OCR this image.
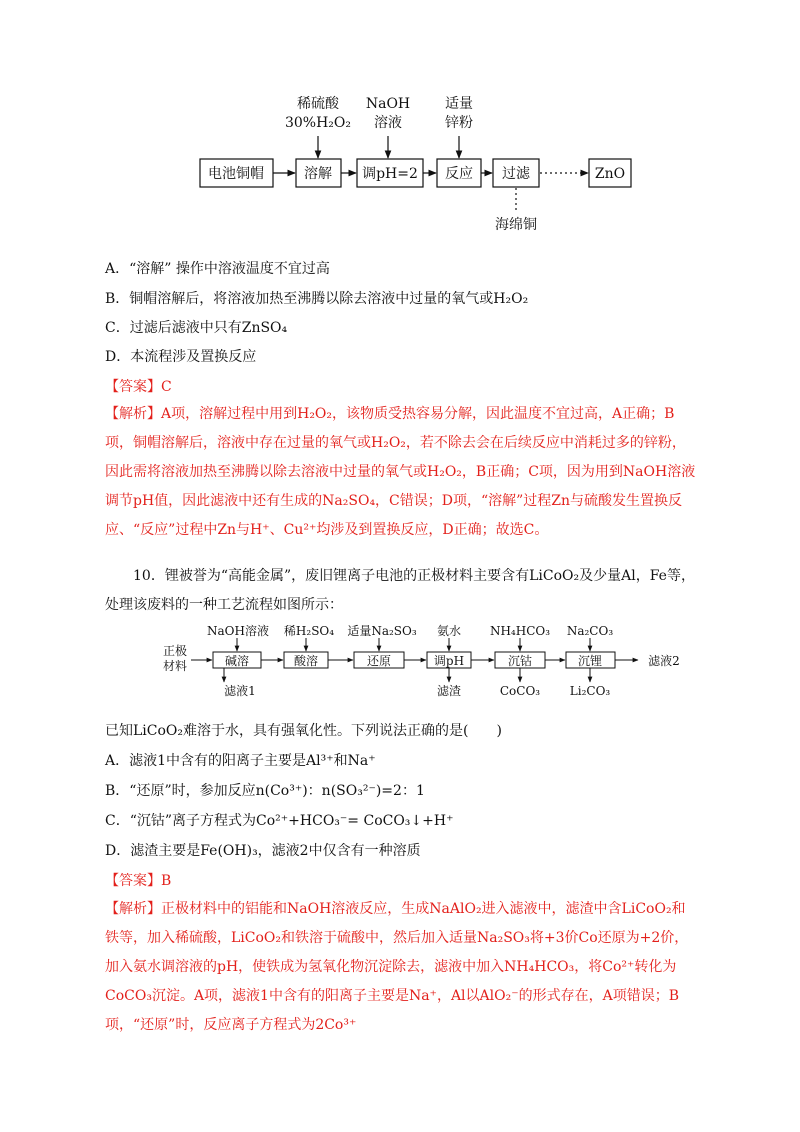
电池铜帽	溶解 调pH=2 反应 过滤	ZnO
稀硫酸
30%H₂O₂
NaOH
溶液
适量
锌粉
海绵铜
A．“溶解” 操作中溶液温度不宜过高
B．铜帽溶解后，将溶液加热至沸腾以除去溶液中过量的氧气或H₂O₂
C．过滤后滤液中只有ZnSO₄
D．本流程涉及置换反应
【答案】C
【解析】A项，溶解过程中用到H₂O₂，该物质受热容易分解，因此温度不宜过高，A正确；B项，铜帽溶解后，溶液中存在过量的氧气或H₂O₂，若不除去会在后续反应中消耗过多的锌粉，因此需将溶液加热至沸腾以除去溶液中过量的氧气或H₂O₂，B正确；C项，因为用到NaOH溶液调节pH值，因此滤液中还有生成的Na₂SO₄，C错误；D项，“溶解”过程Zn与硫酸发生置换反应、“反应”过程中Zn与H⁺、Cu²⁺均涉及到置换反应，D正确；故选C。
10．锂被誉为“高能金属”，废旧锂离子电池的正极材料主要含有LiCoO₂及少量Al，Fe等，处理该废料的一种工艺流程如图所示：
正极
材料	碱溶	酸溶	还原	调pH	沉钴	沉锂	滤液2
NaOH溶液 稀H₂SO₄ 适量Na₂SO₃ 氨水 NH₄HCO₃ Na₂CO₃
滤液1	滤渣	CoCO₃ Li₂CO₃
已知LiCoO₂难溶于水，具有强氧化性。下列说法正确的是(　　)
A．滤液1中含有的阳离子主要是Al³⁺和Na⁺
B．“还原”时，参加反应n(Co³⁺)：n(SO₃²⁻)=2：1
C．“沉钴”离子方程式为Co²⁺+HCO₃⁻= CoCO₃↓+H⁺
D．滤渣主要是Fe(OH)₃，滤液2中仅含有一种溶质
【答案】B
【解析】正极材料中的铝能和NaOH溶液反应，生成NaAlO₂进入滤液中，滤渣中含LiCoO₂和铁等，加入稀硫酸，LiCoO₂和铁溶于硫酸中，然后加入适量Na₂SO₃将+3价Co还原为+2价，加入氨水调溶液的pH，使铁成为氢氧化物沉淀除去，滤液中加入NH₄HCO₃，将Co²⁺转化为CoCO₃沉淀。A项，滤液1中含有的阳离子主要是Na⁺，Al以AlO₂⁻的形式存在，A项错误；B项，“还原”时，反应离子方程式为2Co³⁺
